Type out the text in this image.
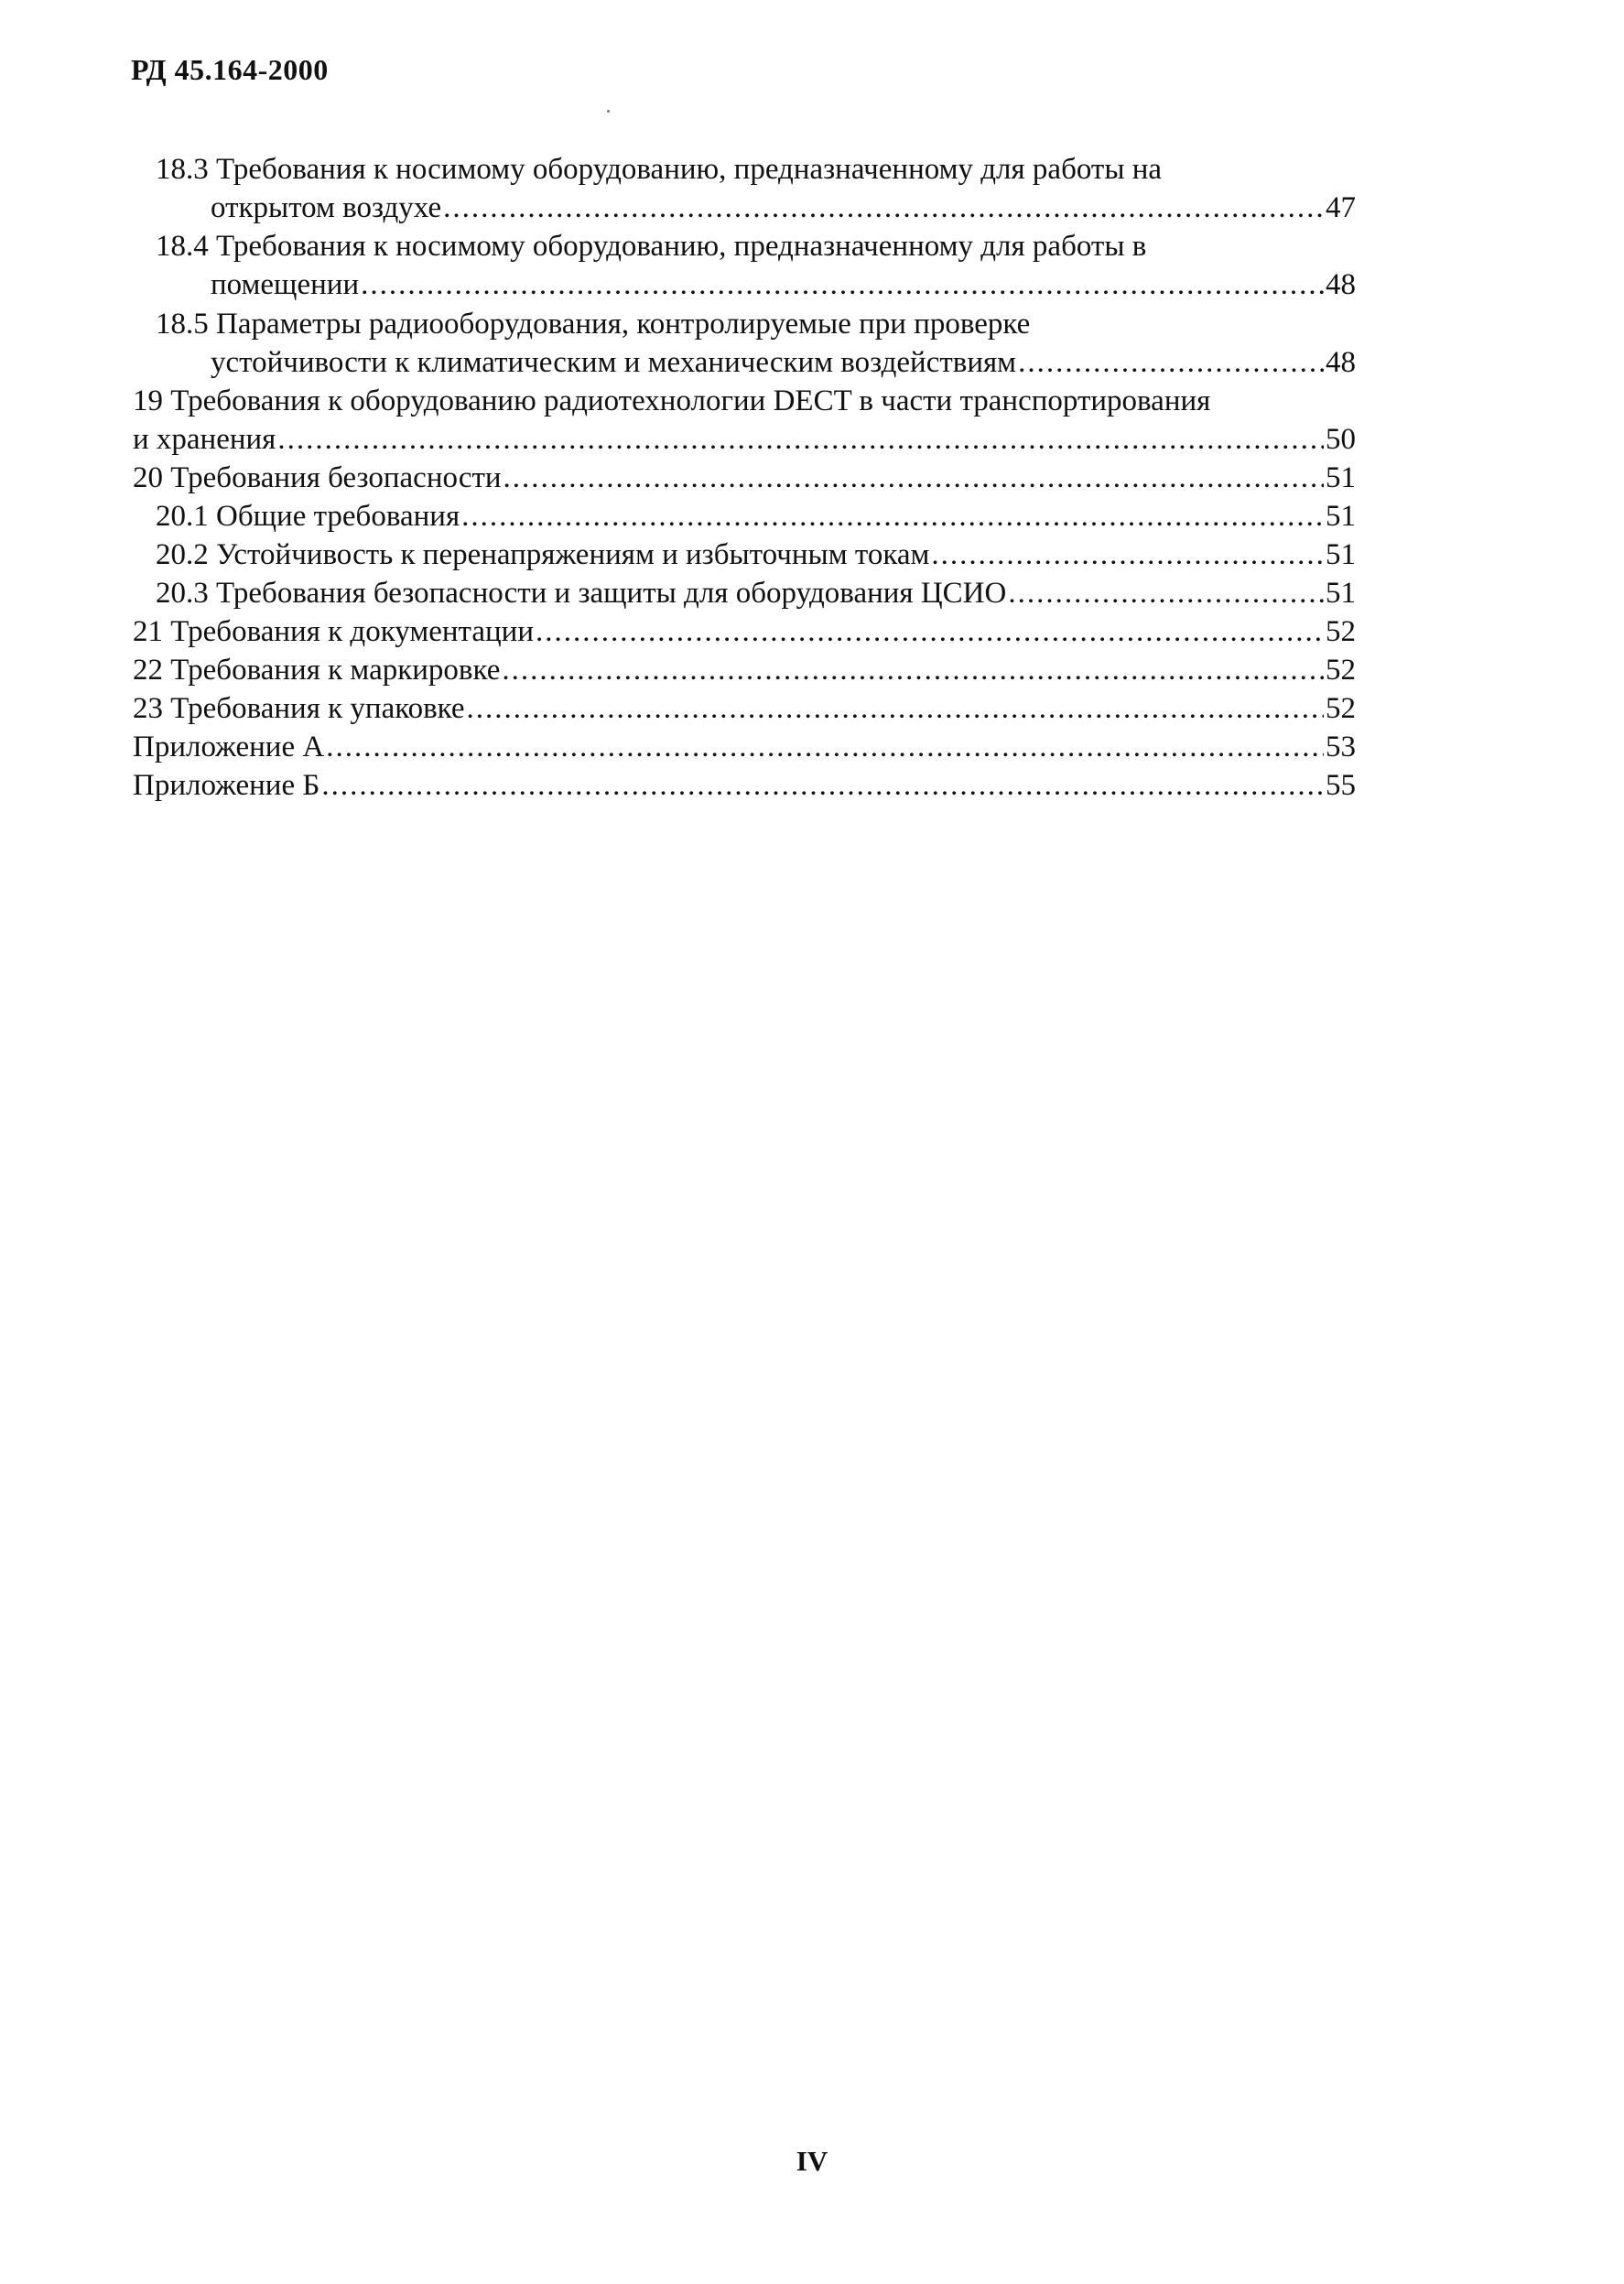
РД 45.164-2000
18.3 Требования к носимому оборудованию, предназначенному для работы на
открытом воздухе .....	47
18.4 Требования к носимому оборудованию, предназначенному для работы в
помещении .....	48
18.5 Параметры радиооборудования, контролируемые при проверке
устойчивости к климатическим и механическим воздействиям .....	48
19 Требования к оборудованию радиотехнологии DECT в части транспортирования
и хранения .....	50
20 Требования безопасности .....	51
20.1 Общие требования .....	51
20.2 Устойчивость к перенапряжениям и избыточным токам .....	51
20.3 Требования безопасности и защиты для оборудования ЦСИО .....	51
21 Требования к документации .....	52
22 Требования к маркировке .....	52
23 Требования к упаковке .....	52
Приложение А .....	53
Приложение Б .....	55
IV
